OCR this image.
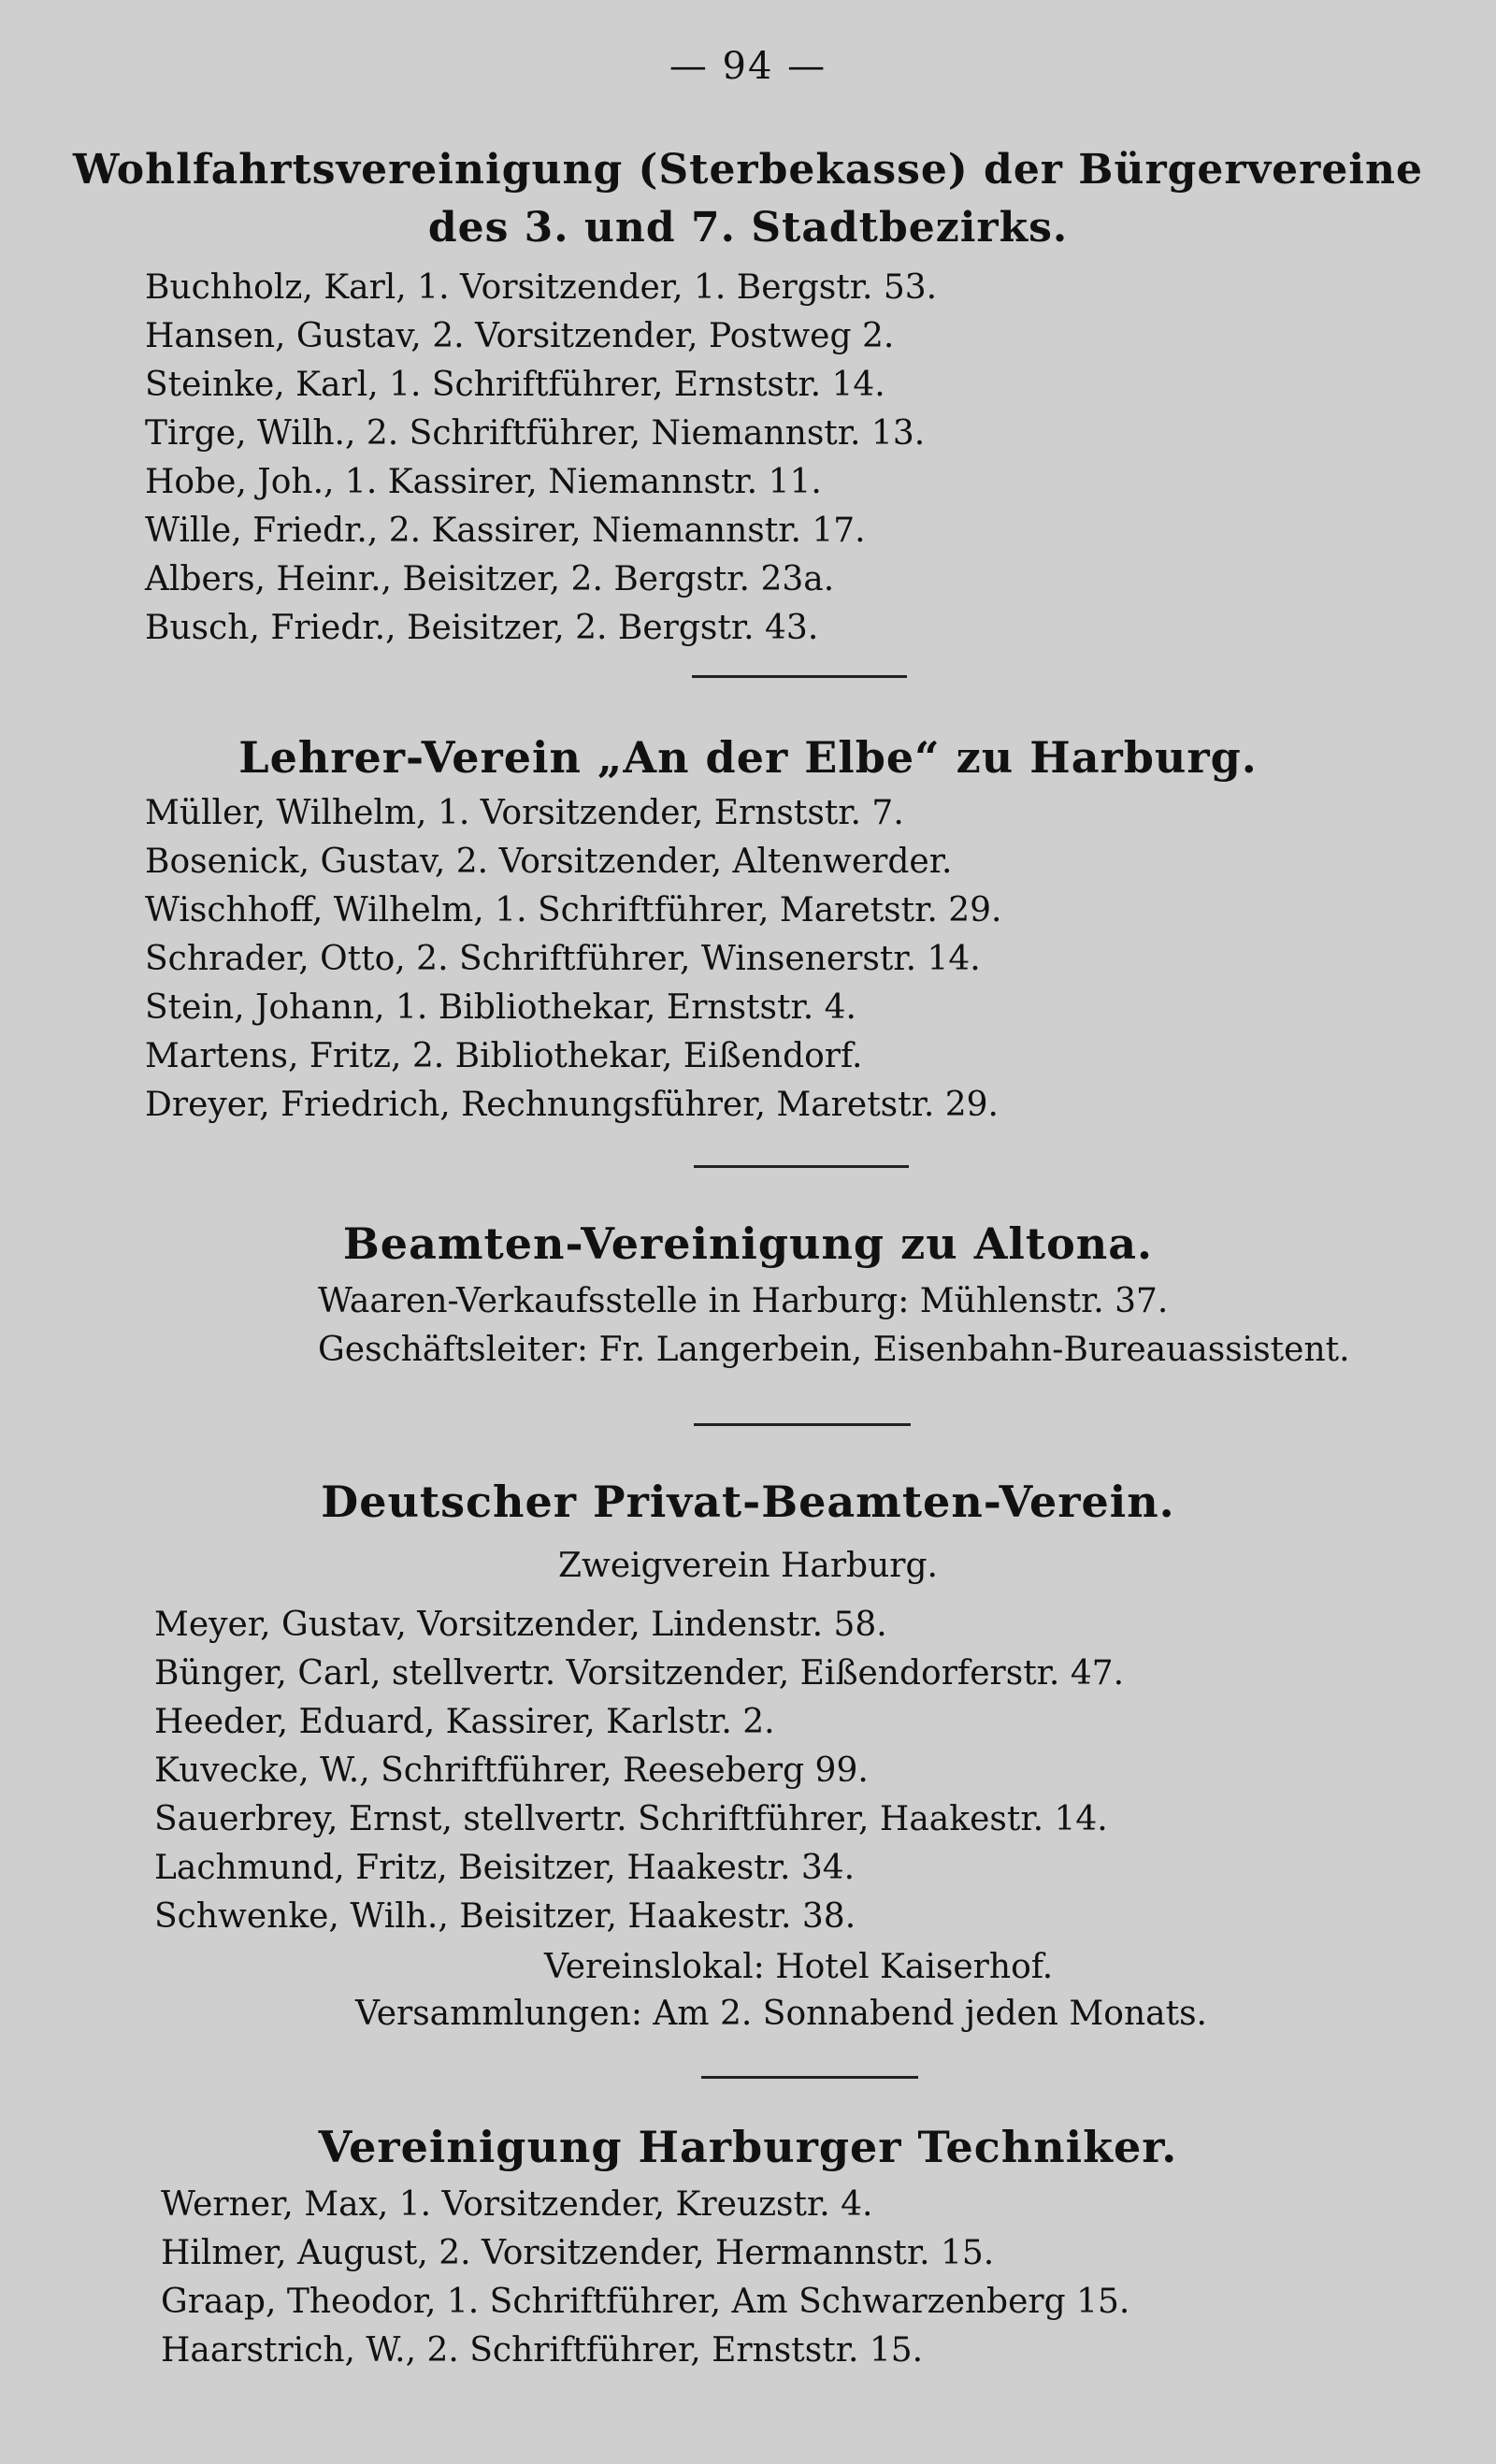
— 94 —
Wohlfahrtsvereinigung (Sterbekasse) der Bürgervereine
des 3. und 7. Stadtbezirks.
Buchholz, Karl, 1. Vorsitzender, 1. Bergstr. 53.
Hansen, Gustav, 2. Vorsitzender, Postweg 2.
Steinke, Karl, 1. Schriftführer, Ernststr. 14.
Tirge, Wilh., 2. Schriftführer, Niemannstr. 13.
Hobe, Joh., 1. Kassirer, Niemannstr. 11.
Wille, Friedr., 2. Kassirer, Niemannstr. 17.
Albers, Heinr., Beisitzer, 2. Bergstr. 23a.
Busch, Friedr., Beisitzer, 2. Bergstr. 43.
Lehrer-Verein „An der Elbe“ zu Harburg.
Müller, Wilhelm, 1. Vorsitzender, Ernststr. 7.
Bosenick, Gustav, 2. Vorsitzender, Altenwerder.
Wischhoff, Wilhelm, 1. Schriftführer, Maretstr. 29.
Schrader, Otto, 2. Schriftführer, Winsenerstr. 14.
Stein, Johann, 1. Bibliothekar, Ernststr. 4.
Martens, Fritz, 2. Bibliothekar, Eißendorf.
Dreyer, Friedrich, Rechnungsführer, Maretstr. 29.
Beamten-Vereinigung zu Altona.
Waaren-Verkaufsstelle in Harburg: Mühlenstr. 37.
Geschäftsleiter: Fr. Langerbein, Eisenbahn-Bureauassistent.
Deutscher Privat-Beamten-Verein.
Zweigverein Harburg.
Meyer, Gustav, Vorsitzender, Lindenstr. 58.
Bünger, Carl, stellvertr. Vorsitzender, Eißendorferstr. 47.
Heeder, Eduard, Kassirer, Karlstr. 2.
Kuvecke, W., Schriftführer, Reeseberg 99.
Sauerbrey, Ernst, stellvertr. Schriftführer, Haakestr. 14.
Lachmund, Fritz, Beisitzer, Haakestr. 34.
Schwenke, Wilh., Beisitzer, Haakestr. 38.
Vereinslokal: Hotel Kaiserhof.
Versammlungen: Am 2. Sonnabend jeden Monats.
Vereinigung Harburger Techniker.
Werner, Max, 1. Vorsitzender, Kreuzstr. 4.
Hilmer, August, 2. Vorsitzender, Hermannstr. 15.
Graap, Theodor, 1. Schriftführer, Am Schwarzenberg 15.
Haarstrich, W., 2. Schriftführer, Ernststr. 15.
